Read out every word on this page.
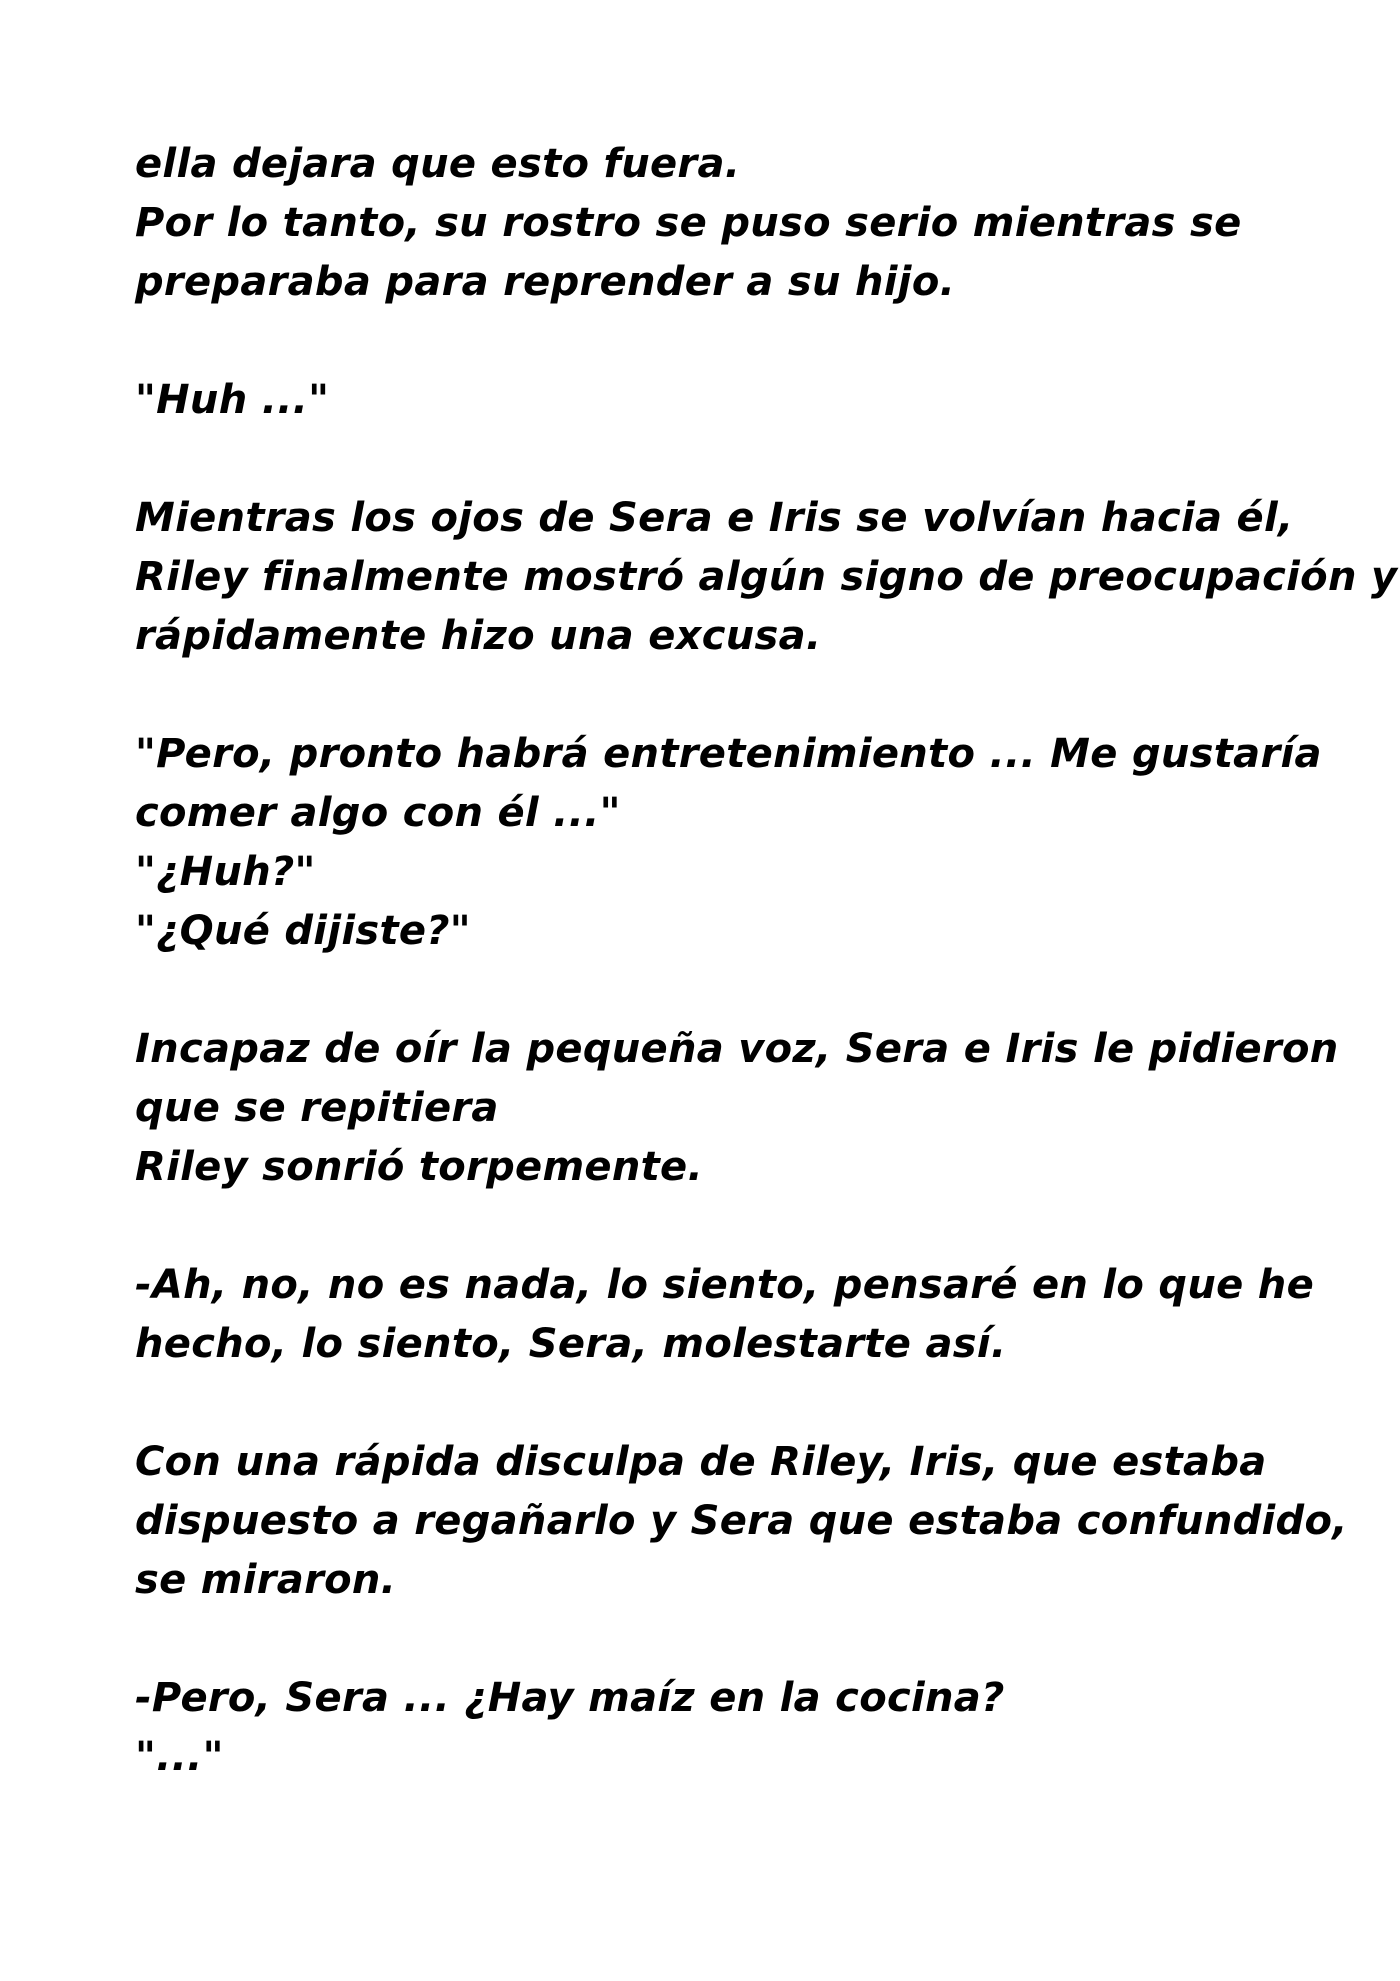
ella dejara que esto fuera.
Por lo tanto, su rostro se puso serio mientras se
preparaba para reprender a su hijo.
"Huh ..."
Mientras los ojos de Sera e Iris se volvían hacia él,
Riley finalmente mostró algún signo de preocupación y
rápidamente hizo una excusa.
"Pero, pronto habrá entretenimiento ... Me gustaría
comer algo con él ..."
"¿Huh?"
"¿Qué dijiste?"
Incapaz de oír la pequeña voz, Sera e Iris le pidieron
que se repitiera
Riley sonrió torpemente.
-Ah, no, no es nada, lo siento, pensaré en lo que he
hecho, lo siento, Sera, molestarte así.
Con una rápida disculpa de Riley, Iris, que estaba
dispuesto a regañarlo y Sera que estaba confundido,
se miraron.
-Pero, Sera ... ¿Hay maíz en la cocina?
"..."
